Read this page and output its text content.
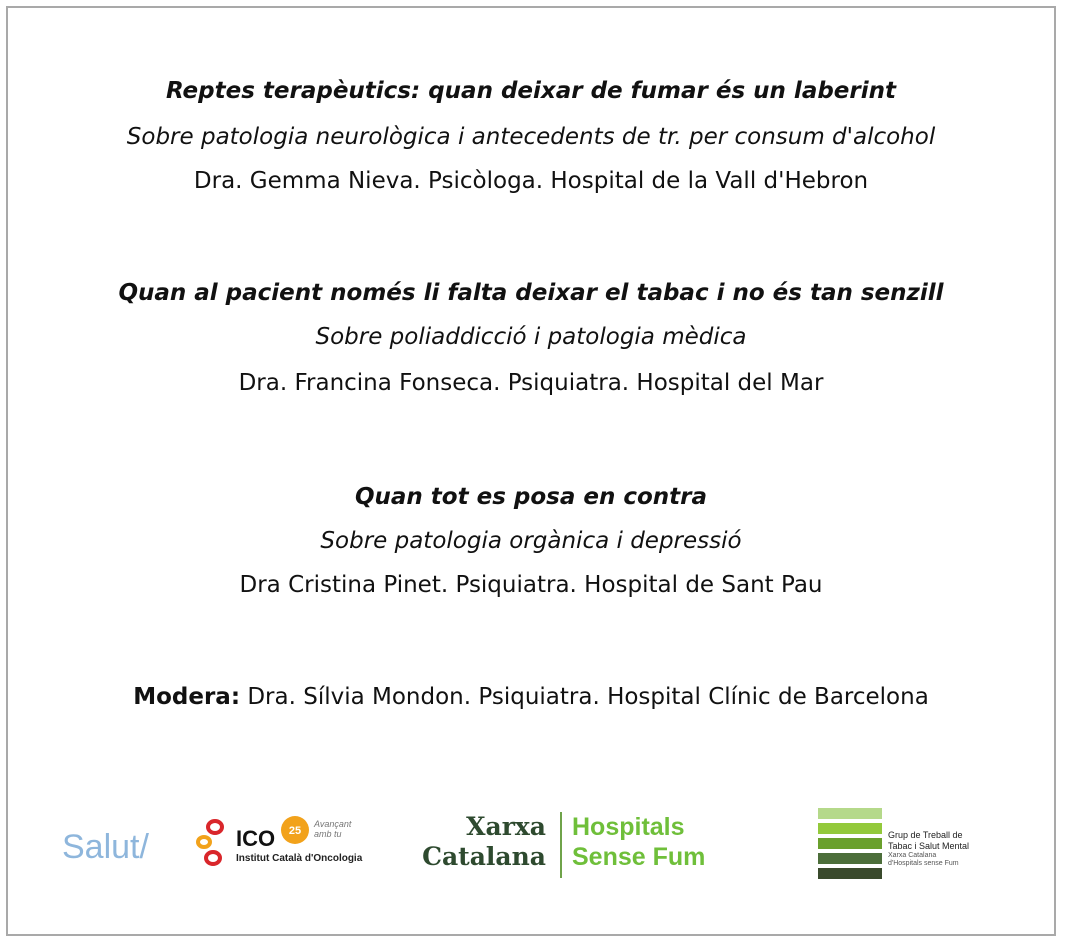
Reptes terapèutics: quan deixar de fumar és un laberint
Sobre patologia neurològica i antecedents de tr. per consum d'alcohol
Dra. Gemma Nieva. Psicòloga. Hospital de la Vall d'Hebron
Quan al pacient només li falta deixar el tabac i no és tan senzill
Sobre poliaddicció i patologia mèdica
Dra. Francina Fonseca. Psiquiatra. Hospital del Mar
Quan tot es posa en contra
Sobre patologia orgànica i depressió
Dra Cristina Pinet. Psiquiatra. Hospital de Sant Pau
Modera: Dra. Sílvia Mondon. Psiquiatra. Hospital Clínic de Barcelona
Salut/	ICO 25
Avançant amb tu
Institut Català d'Oncologia
Xarxa
Catalana
Hospitals
Sense Fum
Grup de Treball de
Tabac i Salut Mental
Xarxa Catalana
d'Hospitals sense Fum
